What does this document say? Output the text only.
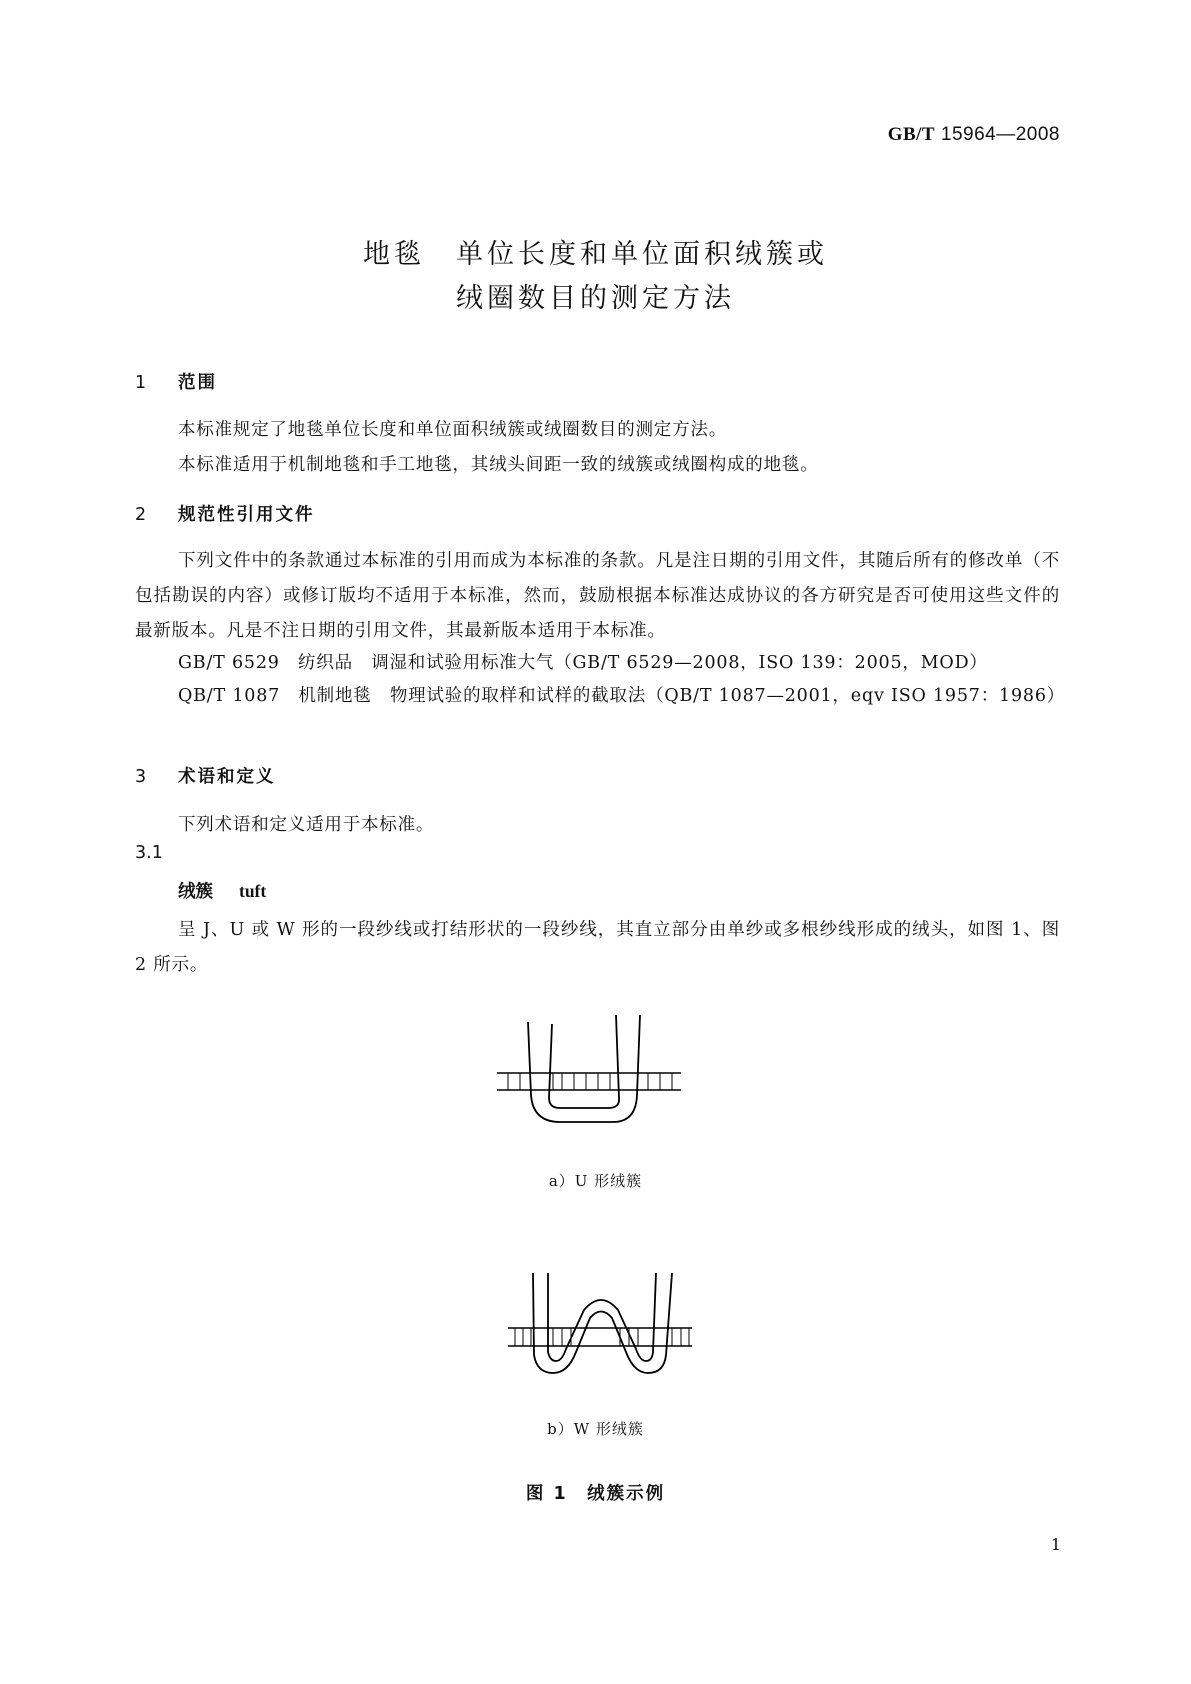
GB/T 15964—2008
地毯　单位长度和单位面积绒簇或
绒圈数目的测定方法
1 范围
本标准规定了地毯单位长度和单位面积绒簇或绒圈数目的测定方法。
本标准适用于机制地毯和手工地毯，其绒头间距一致的绒簇或绒圈构成的地毯。
2 规范性引用文件
下列文件中的条款通过本标准的引用而成为本标准的条款。凡是注日期的引用文件，其随后所有的修改单（不包括勘误的内容）或修订版均不适用于本标准，然而，鼓励根据本标准达成协议的各方研究是否可使用这些文件的最新版本。凡是不注日期的引用文件，其最新版本适用于本标准。
GB/T 6529　纺织品　调湿和试验用标准大气（GB/T 6529—2008，ISO 139：2005，MOD）
QB/T 1087　机制地毯　物理试验的取样和试样的截取法（QB/T 1087—2001，eqv ISO 1957：1986）
3 术语和定义
下列术语和定义适用于本标准。
3.1
绒簇 tuft
呈 J、U 或 W 形的一段纱线或打结形状的一段纱线，其直立部分由单纱或多根纱线形成的绒头，如图 1、图 2 所示。
a）U 形绒簇
b）W 形绒簇
图 1　绒簇示例
1
